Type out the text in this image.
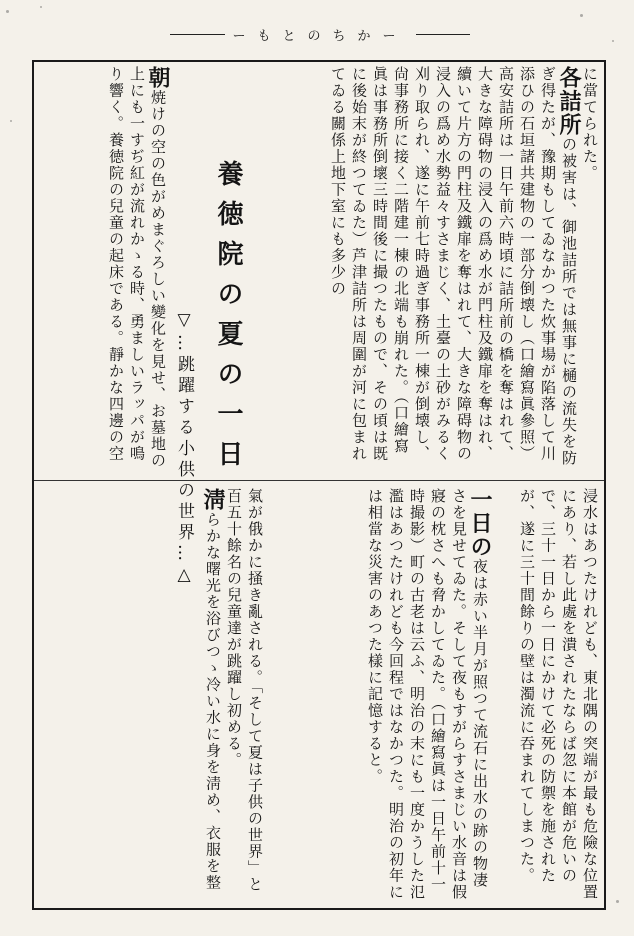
ーもとのちかー

に當てられた。

各詰所の被害は、御池詰所では無事に樋の流失を防ぎ得たが、豫期もしてゐなかつた炊事場が陷落して川添ひの石垣諸共建物の一部分倒壊し（口繪寫眞參照）高安詰所は一日午前六時頃に詰所前の橋を奪はれて、大きな障碍物の浸入の爲め水が門柱及鐵扉を奪はれ、續いて片方の門柱及鐵扉を奪はれて、大きな障碍物の浸入の爲め水勢益々すさまじく、土臺の土砂がみるく刈り取られ、遂に午前七時過ぎ事務所一棟が倒壊し、尙事務所に接く二階建一棟の北端も崩れた。（口繪寫眞は事務所倒壞三時間後に撮つたもので、その頃は既に後始末が終つてゐた）芦津詰所は周圍が河に包まれてゐる關係上地下室にも多少の

浸水はあつたけれども、東北隅の突端が最も危險な位置にあり、若し此處を潰されたならば忽に本館が危いので、三十一日から一日にかけて必死の防禦を施されたが、遂に三十間餘りの壁は濁流に吞まれてしまつた。

一日の夜は赤い半月が照つて流石に出水の跡の物凄さを見せてゐた。そして夜もすがらすさまじい水音は假寢の枕さへも脅かしてゐた。（口繪寫眞は一日午前十一時撮影）町の古老は云ふ、明治の末にも一度かうした氾濫はあつたけれども今回程ではなかつた。明治の初年には相當な災害のあつた樣に記憶すると。

養徳院の夏の一日
▽…跳躍する小供の世界…△

朝焼けの空の色がめまぐろしい變化を見せ、お墓地の上にも一すぢ紅が流れかゝる時、勇ましいラッパが鳴り響く。養徳院の兒童の起床である。靜かな四邊の空

氣が俄かに掻き亂される。「そして夏は子供の世界」と百五十餘名の兒童達が跳躍し初める。

淸らかな曙光を浴びつゝ冷い水に身を淸め、衣服を整
